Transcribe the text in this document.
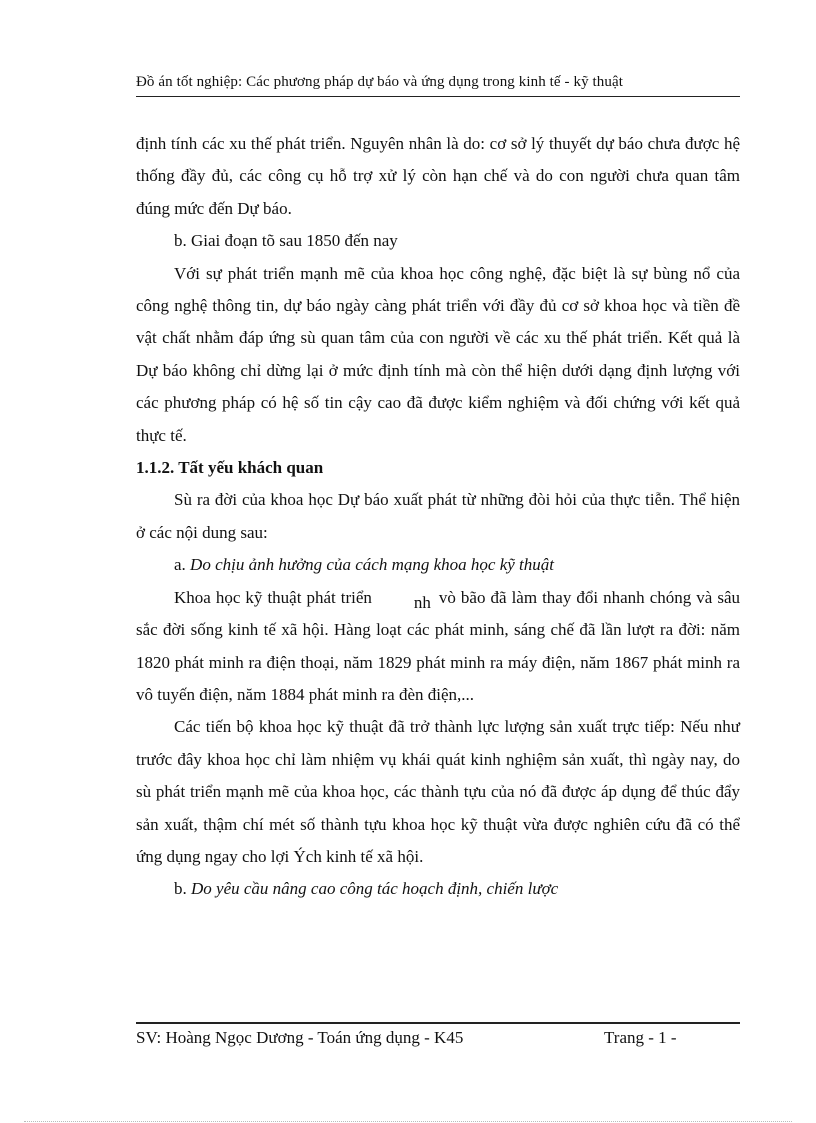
Đồ án tốt nghiệp: Các phương pháp dự báo và ứng dụng trong kinh tế - kỹ thuật

định tính các xu thế phát triển. Nguyên nhân là do: cơ sở lý thuyết dự báo chưa được hệ thống đầy đủ, các công cụ hỗ trợ xử lý còn hạn chế và do con người chưa quan tâm đúng mức đến Dự báo.

b. Giai đoạn tõ sau 1850 đến nay

Với sự phát triển mạnh mẽ của khoa học công nghệ, đặc biệt là sự bùng nổ của công nghệ thông tin, dự báo ngày càng phát triển với đầy đủ cơ sở khoa học và tiền đề vật chất nhằm đáp ứng sù quan tâm của con người về các xu thế phát triển. Kết quả là Dự báo không chỉ dừng lại ở mức định tính mà còn thể hiện dưới dạng định lượng với các phương pháp có hệ số tin cậy cao đã được kiểm nghiệm và đối chứng với kết quả thực tế.

1.1.2. Tất yếu khách quan

Sù ra đời của khoa học Dự báo xuất phát từ những đòi hỏi của thực tiễn. Thể hiện ở các nội dung sau:

a. Do chịu ảnh hưởng của cách mạng khoa học kỹ thuật

Khoa học kỹ thuật phát triển nh vò bão đã làm thay đổi nhanh chóng và sâu sắc đời sống kinh tế xã hội. Hàng loạt các phát minh, sáng chế đã lần lượt ra đời: năm 1820 phát minh ra điện thoại, năm 1829 phát minh ra máy điện, năm 1867 phát minh ra vô tuyến điện, năm 1884 phát minh ra đèn điện,...

Các tiến bộ khoa học kỹ thuật đã trở thành lực lượng sản xuất trực tiếp: Nếu như trước đây khoa học chỉ làm nhiệm vụ khái quát kinh nghiệm sản xuất, thì ngày nay, do sù phát triển mạnh mẽ của khoa học, các thành tựu của nó đã được áp dụng để thúc đẩy sản xuất, thậm chí mét số thành tựu khoa học kỹ thuật vừa được nghiên cứu đã có thể ứng dụng ngay cho lợi Ých kinh tế xã hội.

b. Do yêu cầu nâng cao công tác hoạch định, chiến lược

SV: Hoàng Ngọc Dương - Toán ứng dụng - K45	Trang - 1 -
